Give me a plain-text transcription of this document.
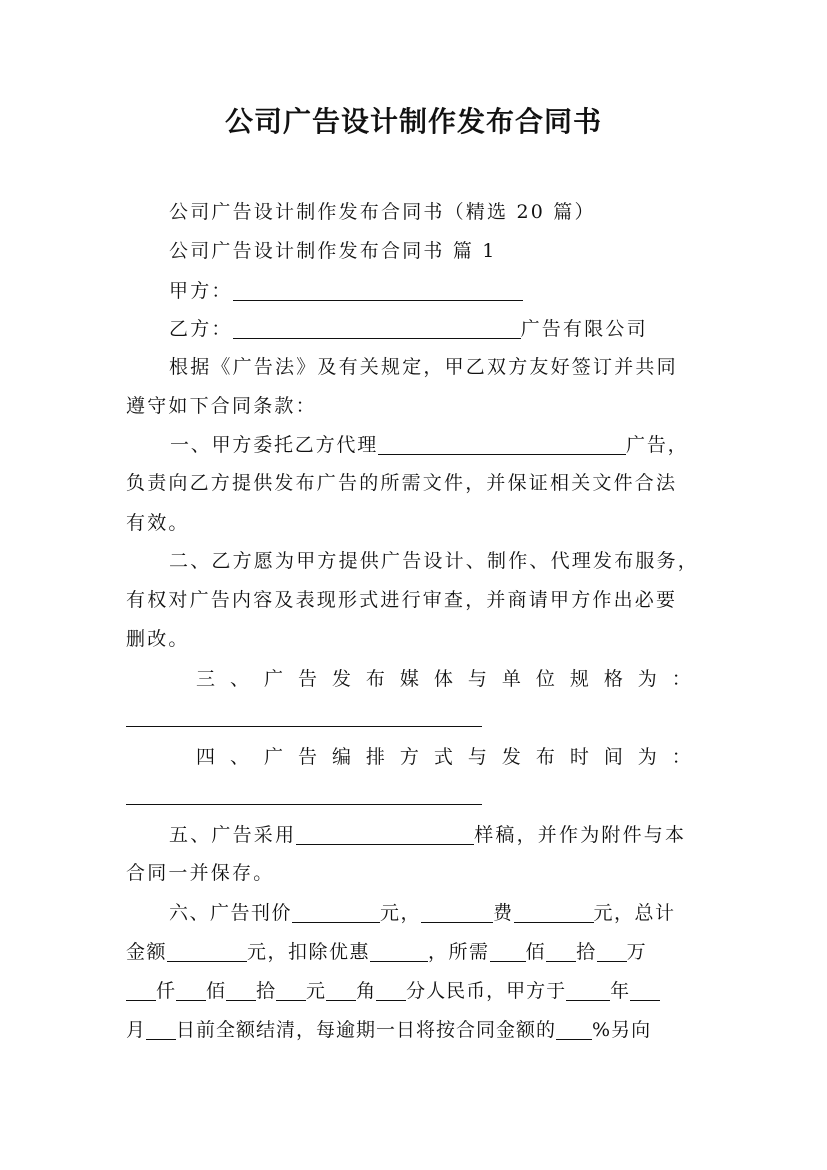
公司广告设计制作发布合同书
公司广告设计制作发布合同书（精选 20 篇）
公司广告设计制作发布合同书 篇 1
甲方：
乙方：	广告有限公司
根据《广告法》及有关规定，甲乙双方友好签订并共同
遵守如下合同条款：
一、甲方委托乙方代理	广告，
负责向乙方提供发布广告的所需文件，并保证相关文件合法
有效。
二、乙方愿为甲方提供广告设计、制作、代理发布服务，
有权对广告内容及表现形式进行审查，并商请甲方作出必要
删改。
三 、 广 告 发 布 媒 体 与 单 位 规 格 为 ：
四 、 广 告 编 排 方 式 与 发 布 时 间 为 ：
五、广告采用	样稿，并作为附件与本
合同一并保存。
六、广告刊价	元，	费	元，总计
金额	元，扣除优惠	，所需 佰 拾 万
仟 佰 拾 元 角 分人民币，甲方于 年
月 日前全额结清，每逾期一日将按合同金额的 %另向
